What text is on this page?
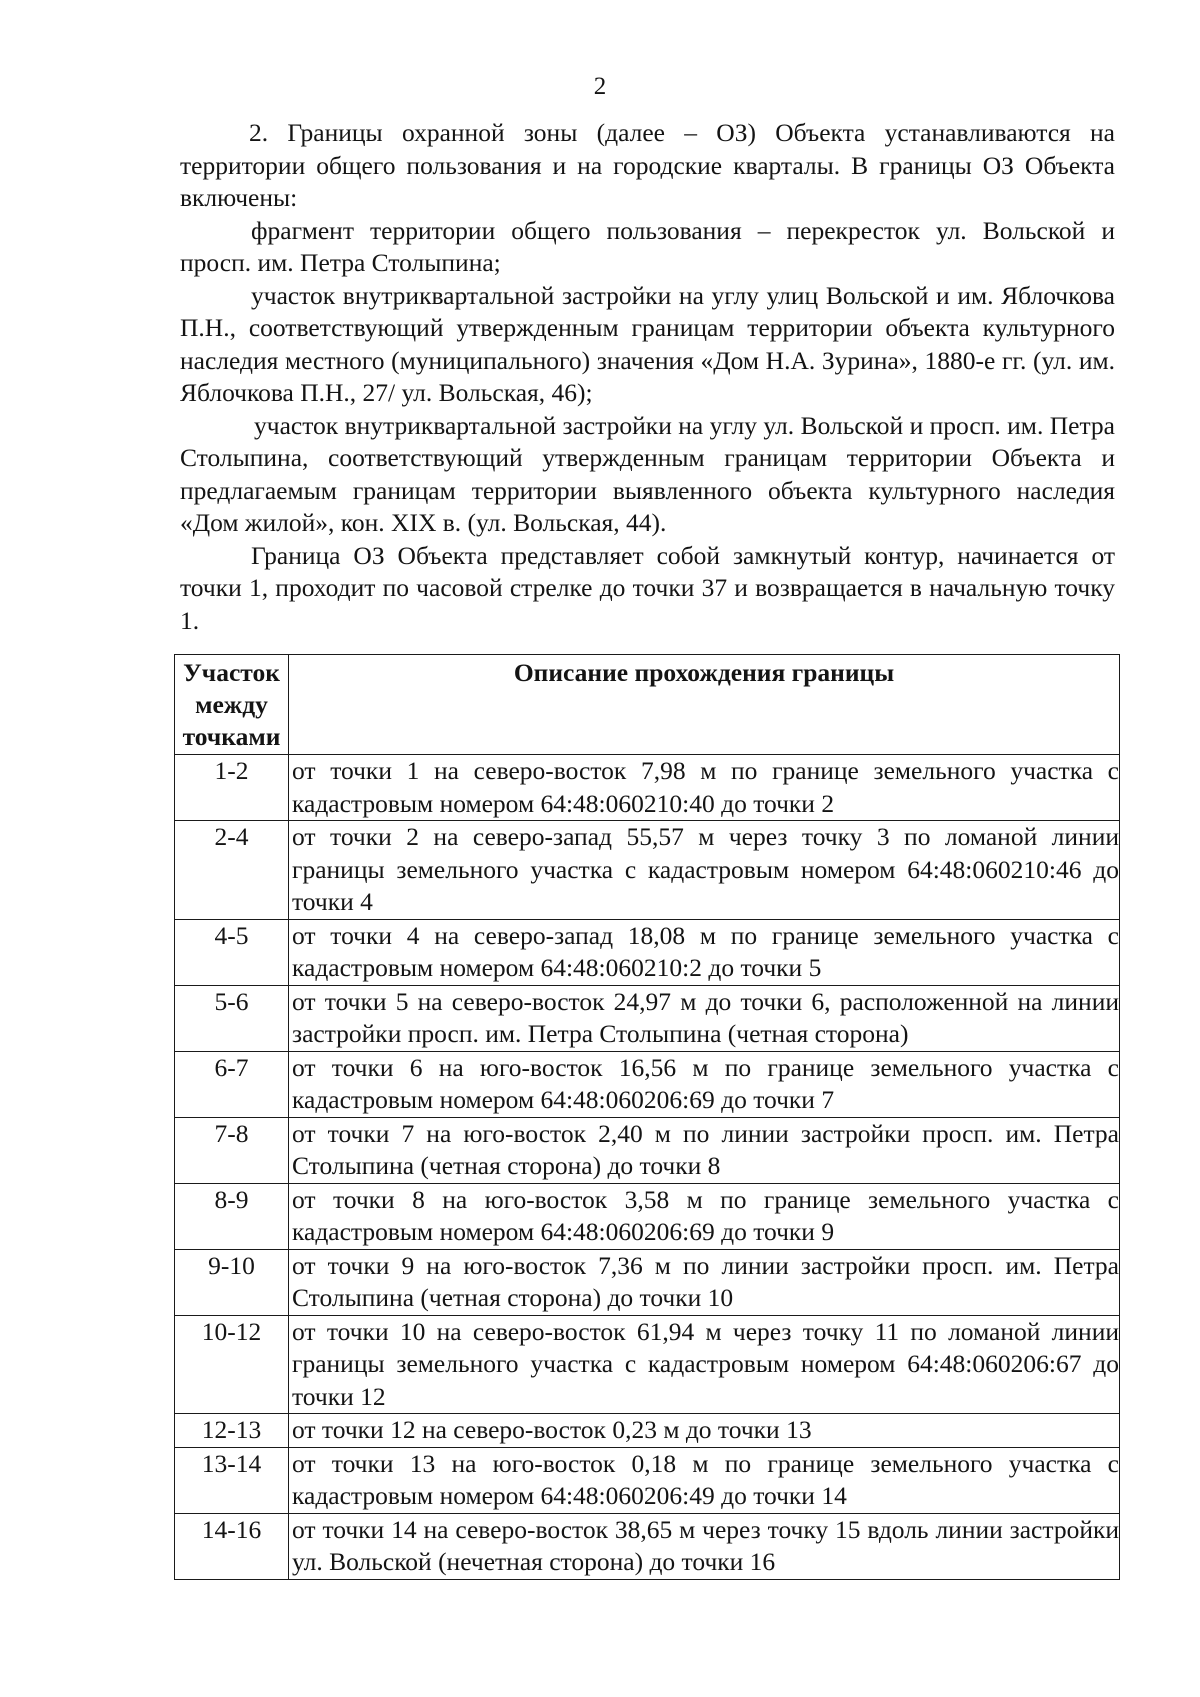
2

2. Границы охранной зоны (далее – ОЗ) Объекта устанавливаются на территории общего пользования и на городские кварталы. В границы ОЗ Объекта включены:

фрагмент территории общего пользования – перекресток ул. Вольской и просп. им. Петра Столыпина;

участок внутриквартальной застройки на углу улиц Вольской и им. Яблочкова П.Н., соответствующий утвержденным границам территории объекта культурного наследия местного (муниципального) значения «Дом Н.А. Зурина», 1880-е гг. (ул. им. Яблочкова П.Н., 27/ ул. Вольская, 46);

участок внутриквартальной застройки на углу ул. Вольской и просп. им. Петра Столыпина, соответствующий утвержденным границам территории Объекта и предлагаемым границам территории выявленного объекта культурного наследия «Дом жилой», кон. XIX в. (ул. Вольская, 44).

Граница ОЗ Объекта представляет собой замкнутый контур, начинается от точки 1, проходит по часовой стрелке до точки 37 и возвращается в начальную точку 1.

Участок между точками	Описание прохождения границы
1-2	от точки 1 на северо-восток 7,98 м по границе земельного участка с кадастровым номером 64:48:060210:40 до точки 2
2-4	от точки 2 на северо-запад 55,57 м через точку 3 по ломаной линии границы земельного участка с кадастровым номером 64:48:060210:46 до точки 4
4-5	от точки 4 на северо-запад 18,08 м по границе земельного участка с кадастровым номером 64:48:060210:2 до точки 5
5-6	от точки 5 на северо-восток 24,97 м до точки 6, расположенной на линии застройки просп. им. Петра Столыпина (четная сторона)
6-7	от точки 6 на юго-восток 16,56 м по границе земельного участка с кадастровым номером 64:48:060206:69 до точки 7
7-8	от точки 7 на юго-восток 2,40 м по линии застройки просп. им. Петра Столыпина (четная сторона) до точки 8
8-9	от точки 8 на юго-восток 3,58 м по границе земельного участка с кадастровым номером 64:48:060206:69 до точки 9
9-10	от точки 9 на юго-восток 7,36 м по линии застройки просп. им. Петра Столыпина (четная сторона) до точки 10
10-12	от точки 10 на северо-восток 61,94 м через точку 11 по ломаной линии границы земельного участка с кадастровым номером 64:48:060206:67 до точки 12
12-13	от точки 12 на северо-восток 0,23 м до точки 13
13-14	от точки 13 на юго-восток 0,18 м по границе земельного участка с кадастровым номером 64:48:060206:49 до точки 14
14-16	от точки 14 на северо-восток 38,65 м через точку 15 вдоль линии застройки ул. Вольской (нечетная сторона) до точки 16
